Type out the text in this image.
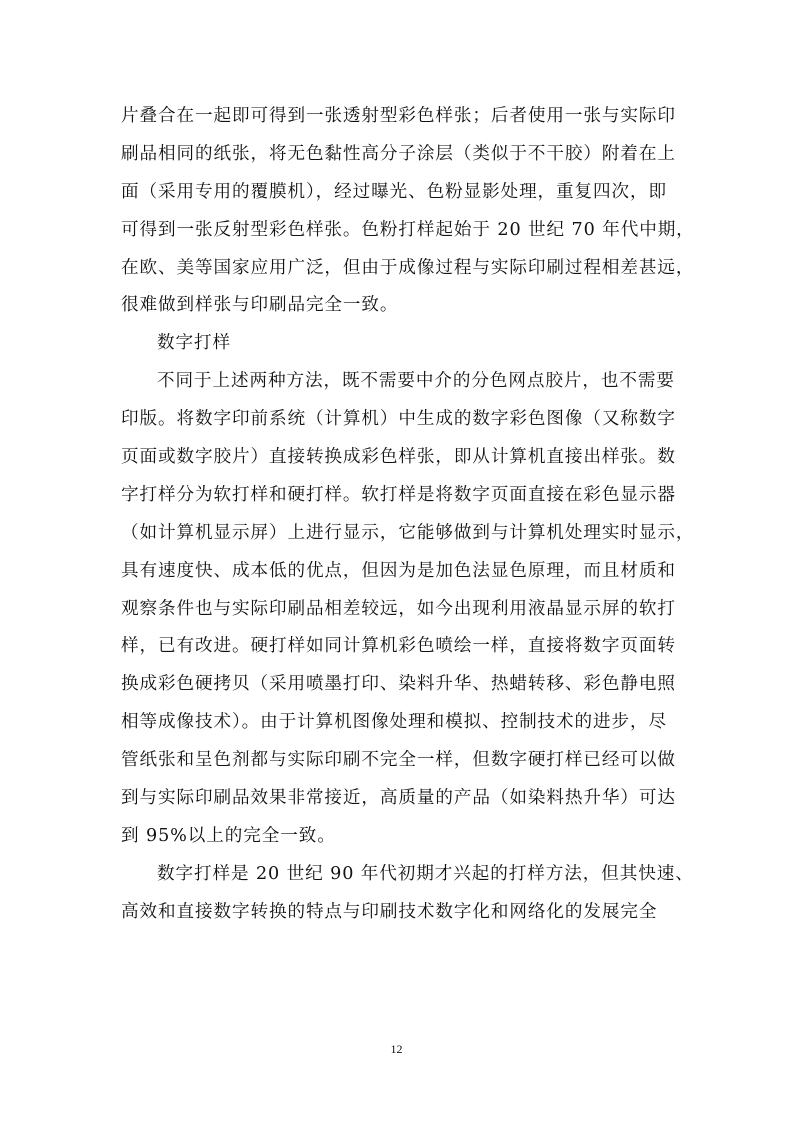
片叠合在一起即可得到一张透射型彩色样张；后者使用一张与实际印
刷品相同的纸张，将无色黏性高分子涂层（类似于不干胶）附着在上
面（采用专用的覆膜机），经过曝光、色粉显影处理，重复四次，即
可得到一张反射型彩色样张。色粉打样起始于 20 世纪 70 年代中期，
在欧、美等国家应用广泛，但由于成像过程与实际印刷过程相差甚远，
很难做到样张与印刷品完全一致。
数字打样
不同于上述两种方法，既不需要中介的分色网点胶片，也不需要
印版。将数字印前系统（计算机）中生成的数字彩色图像（又称数字
页面或数字胶片）直接转换成彩色样张，即从计算机直接出样张。数
字打样分为软打样和硬打样。软打样是将数字页面直接在彩色显示器
（如计算机显示屏）上进行显示，它能够做到与计算机处理实时显示，
具有速度快、成本低的优点，但因为是加色法显色原理，而且材质和
观察条件也与实际印刷品相差较远，如今出现利用液晶显示屏的软打
样，已有改进。硬打样如同计算机彩色喷绘一样，直接将数字页面转
换成彩色硬拷贝（采用喷墨打印、染料升华、热蜡转移、彩色静电照
相等成像技术）。由于计算机图像处理和模拟、控制技术的进步，尽
管纸张和呈色剂都与实际印刷不完全一样，但数字硬打样已经可以做
到与实际印刷品效果非常接近，高质量的产品（如染料热升华）可达
到 95%以上的完全一致。
数字打样是 20 世纪 90 年代初期才兴起的打样方法，但其快速、
高效和直接数字转换的特点与印刷技术数字化和网络化的发展完全
12
